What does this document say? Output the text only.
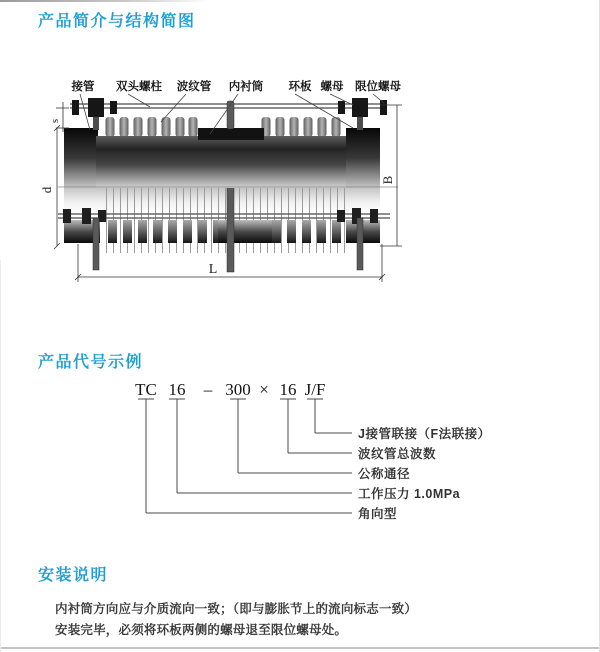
产品简介与结构简图
s
d
B
L
接管 双头螺柱 波纹管 内衬筒 环板 螺母 限位螺母
产品代号示例
TC 16 – 300 × 16 J/F
J接管联接（F法联接）
波纹管总波数
公称通径
工作压力 1.0MPa
角向型
安装说明

内衬筒方向应与介质流向一致；（即与膨胀节上的流向标志一致）

安装完毕，必须将环板两侧的螺母退至限位螺母处。
